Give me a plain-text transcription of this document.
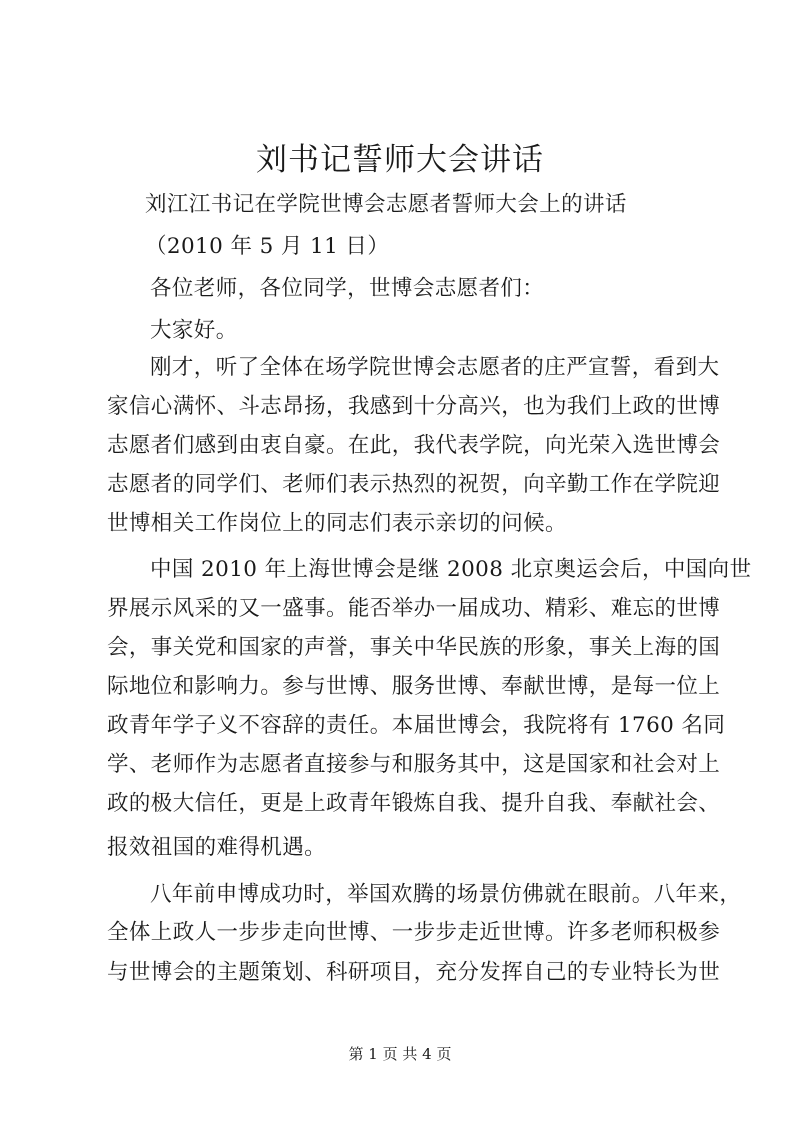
刘书记誓师大会讲话

刘江江书记在学院世博会志愿者誓师大会上的讲话

（2010 年 5 月 11 日）

各位老师，各位同学，世博会志愿者们：

大家好。

刚才，听了全体在场学院世博会志愿者的庄严宣誓，看到大

家信心满怀、斗志昂扬，我感到十分高兴，也为我们上政的世博

志愿者们感到由衷自豪。在此，我代表学院，向光荣入选世博会

志愿者的同学们、老师们表示热烈的祝贺，向辛勤工作在学院迎

世博相关工作岗位上的同志们表示亲切的问候。

中国 2010 年上海世博会是继 2008 北京奥运会后，中国向世

界展示风采的又一盛事。能否举办一届成功、精彩、难忘的世博

会，事关党和国家的声誉，事关中华民族的形象，事关上海的国

际地位和影响力。参与世博、服务世博、奉献世博，是每一位上

政青年学子义不容辞的责任。本届世博会，我院将有 1760 名同

学、老师作为志愿者直接参与和服务其中，这是国家和社会对上

政的极大信任，更是上政青年锻炼自我、提升自我、奉献社会、

报效祖国的难得机遇。

八年前申博成功时，举国欢腾的场景仿佛就在眼前。八年来，

全体上政人一步步走向世博、一步步走近世博。许多老师积极参

与世博会的主题策划、科研项目，充分发挥自己的专业特长为世

第 1 页 共 4 页
